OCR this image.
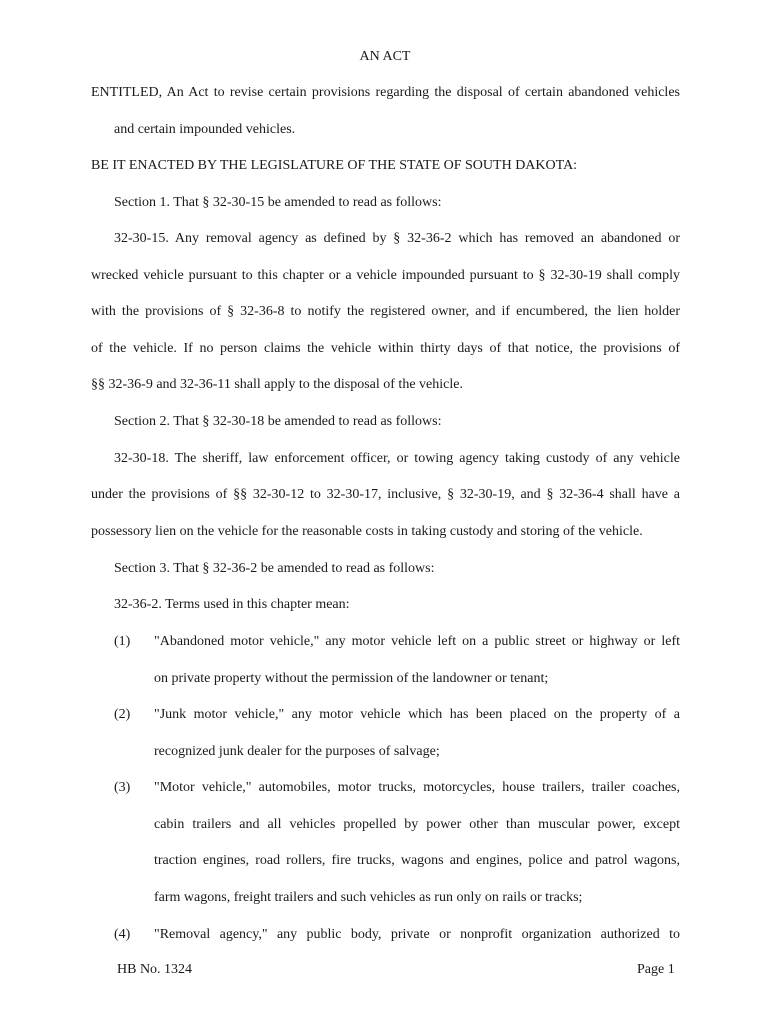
AN ACT
ENTITLED, An Act to revise certain provisions regarding the disposal of certain abandoned vehicles
and certain impounded vehicles.
BE IT ENACTED BY THE LEGISLATURE OF THE STATE OF SOUTH DAKOTA:
Section 1. That § 32-30-15 be amended to read as follows:
32-30-15. Any removal agency as defined by § 32-36-2 which has removed an abandoned or
wrecked vehicle pursuant to this chapter or a vehicle impounded pursuant to § 32-30-19 shall comply
with the provisions of § 32-36-8 to notify the registered owner, and if encumbered, the lien holder
of the vehicle. If no person claims the vehicle within thirty days of that notice, the provisions of
§§ 32-36-9 and 32-36-11 shall apply to the disposal of the vehicle.
Section 2. That § 32-30-18 be amended to read as follows:
32-30-18. The sheriff, law enforcement officer, or towing agency taking custody of any vehicle
under the provisions of §§ 32-30-12 to 32-30-17, inclusive, § 32-30-19, and § 32-36-4 shall have a
possessory lien on the vehicle for the reasonable costs in taking custody and storing of the vehicle.
Section 3. That § 32-36-2 be amended to read as follows:
32-36-2. Terms used in this chapter mean:
(1) "Abandoned motor vehicle," any motor vehicle left on a public street or highway or left
on private property without the permission of the landowner or tenant;
(2) "Junk motor vehicle," any motor vehicle which has been placed on the property of a
recognized junk dealer for the purposes of salvage;
(3) "Motor vehicle," automobiles, motor trucks, motorcycles, house trailers, trailer coaches,
cabin trailers and all vehicles propelled by power other than muscular power, except
traction engines, road rollers, fire trucks, wagons and engines, police and patrol wagons,
farm wagons, freight trailers and such vehicles as run only on rails or tracks;
(4) "Removal agency," any public body, private or nonprofit organization authorized to
HB No. 1324	Page 1
